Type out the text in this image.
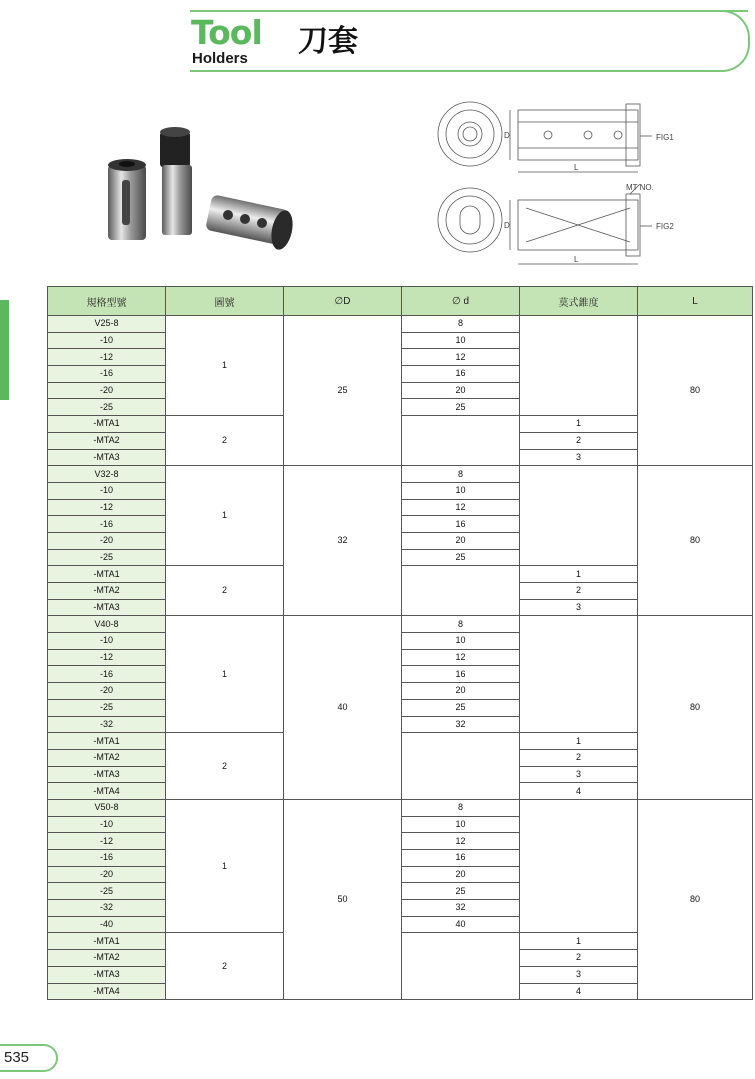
Tool
Holders 刀套
FIG1
FIG2
MT NO.
D
L
D
L
規格型號	圖號	∅D	∅ d	莫式錐度	L
V25-8	1	25	8		80
-10			10		
-12			12		
-16			16		
-20			20		
-25			25		
-MTA1	2			1	
-MTA2				2	
-MTA3				3	
V32-8	1	32	8		80
-10			10		
-12			12		
-16			16		
-20			20		
-25			25		
-MTA1	2			1	
-MTA2				2	
-MTA3				3	
V40-8	1	40	8		80
-10			10		
-12			12		
-16			16		
-20			20		
-25			25		
-32			32		
-MTA1	2			1	
-MTA2				2	
-MTA3				3	
-MTA4				4	
V50-8	1	50	8		80
-10			10		
-12			12		
-16			16		
-20			20		
-25			25		
-32			32		
-40			40		
-MTA1	2			1	
-MTA2				2	
-MTA3				3	
-MTA4				4	
535
